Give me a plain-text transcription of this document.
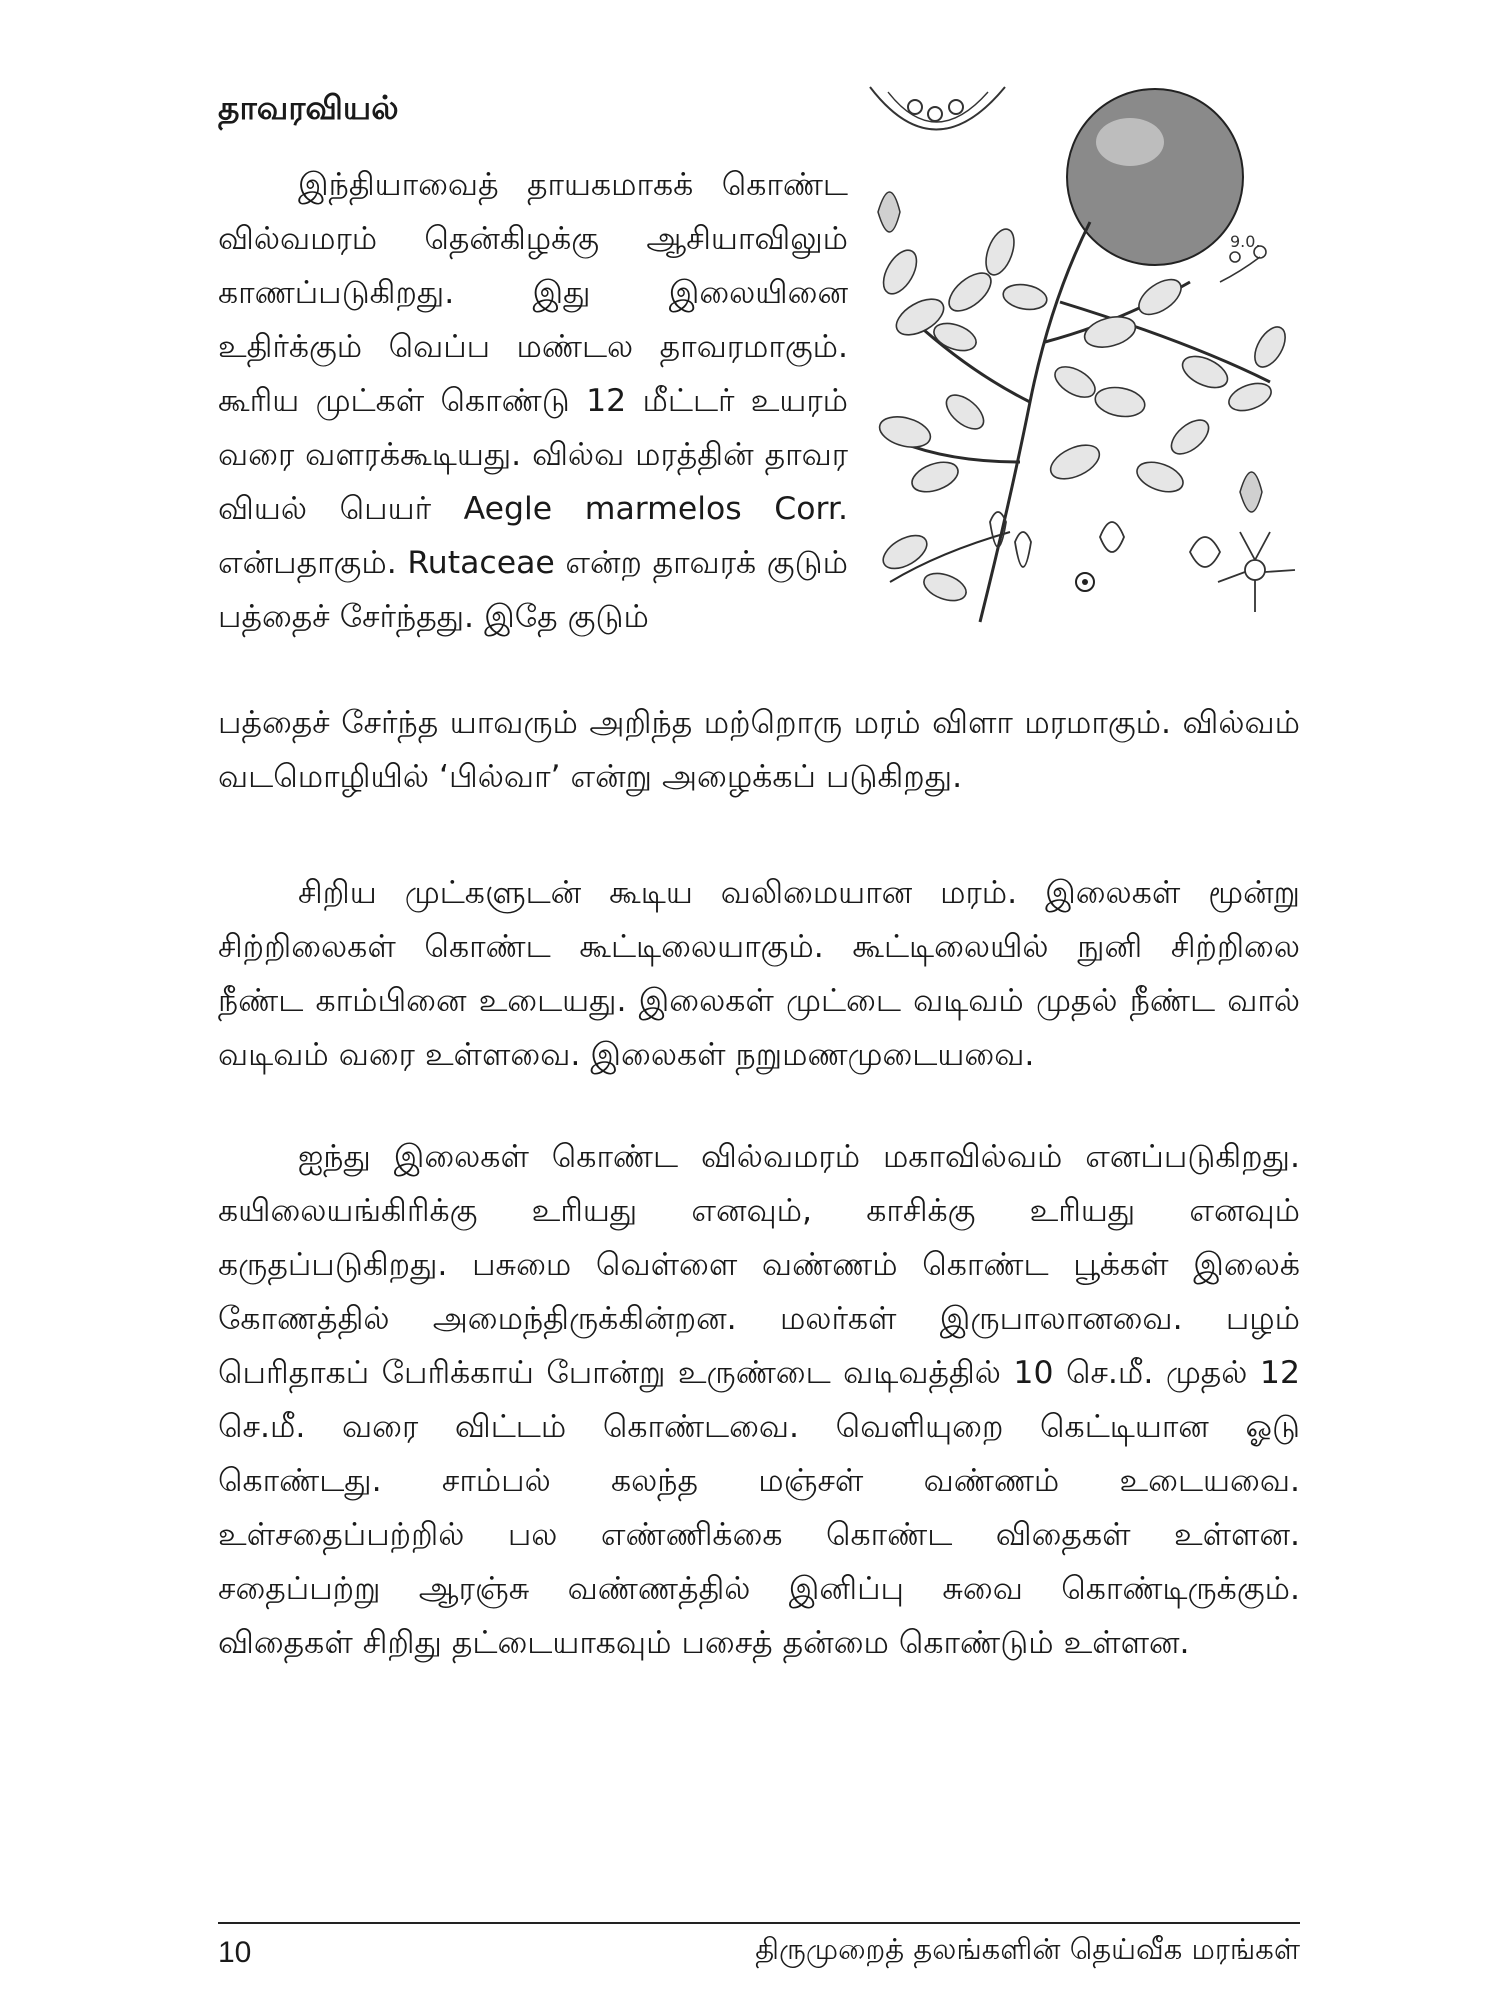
தாவரவியல்

இந்தியாவைத் தாயகமாகக் கொண்ட வில்வமரம் தென்கிழக்கு ஆசியாவிலும் காணப்படுகிறது. இது இலையினை உதிர்க்கும் வெப்ப மண்டல தாவரமாகும். கூரிய முட்கள் கொண்டு 12 மீட்டர் உயரம் வரை வளரக்கூடியது. வில்வ மரத்தின் தாவர வியல் பெயர் Aegle marmelos Corr. என்பதாகும். Rutaceae என்ற தாவரக் குடும் பத்தைச் சேர்ந்தது. இதே குடும்

9.0.

பத்தைச் சேர்ந்த யாவரும் அறிந்த மற்றொரு மரம் விளா மரமாகும். வில்வம் வடமொழியில் ‘பில்வா’ என்று அழைக்கப் படுகிறது.

சிறிய முட்களுடன் கூடிய வலிமையான மரம். இலைகள் மூன்று சிற்றிலைகள் கொண்ட கூட்டிலையாகும். கூட்டிலையில் நுனி சிற்றிலை நீண்ட காம்பினை உடையது. இலைகள் முட்டை வடிவம் முதல் நீண்ட வால் வடிவம் வரை உள்ளவை. இலைகள் நறுமணமுடையவை.

ஐந்து இலைகள் கொண்ட வில்வமரம் மகாவில்வம் எனப்படுகிறது. கயிலையங்கிரிக்கு உரியது எனவும், காசிக்கு உரியது எனவும் கருதப்படுகிறது. பசுமை வெள்ளை வண்ணம் கொண்ட பூக்கள் இலைக் கோணத்தில் அமைந்திருக்கின்றன. மலர்கள் இருபாலானவை. பழம் பெரிதாகப் பேரிக்காய் போன்று உருண்டை வடிவத்தில் 10 செ.மீ. முதல் 12 செ.மீ. வரை விட்டம் கொண்டவை. வெளியுறை கெட்டியான ஓடு கொண்டது. சாம்பல் கலந்த மஞ்சள் வண்ணம் உடையவை. உள்சதைப்பற்றில் பல எண்ணிக்கை கொண்ட விதைகள் உள்ளன. சதைப்பற்று ஆரஞ்சு வண்ணத்தில் இனிப்பு சுவை கொண்டிருக்கும். விதைகள் சிறிது தட்டையாகவும் பசைத் தன்மை கொண்டும் உள்ளன.

10	திருமுறைத் தலங்களின் தெய்வீக மரங்கள்
